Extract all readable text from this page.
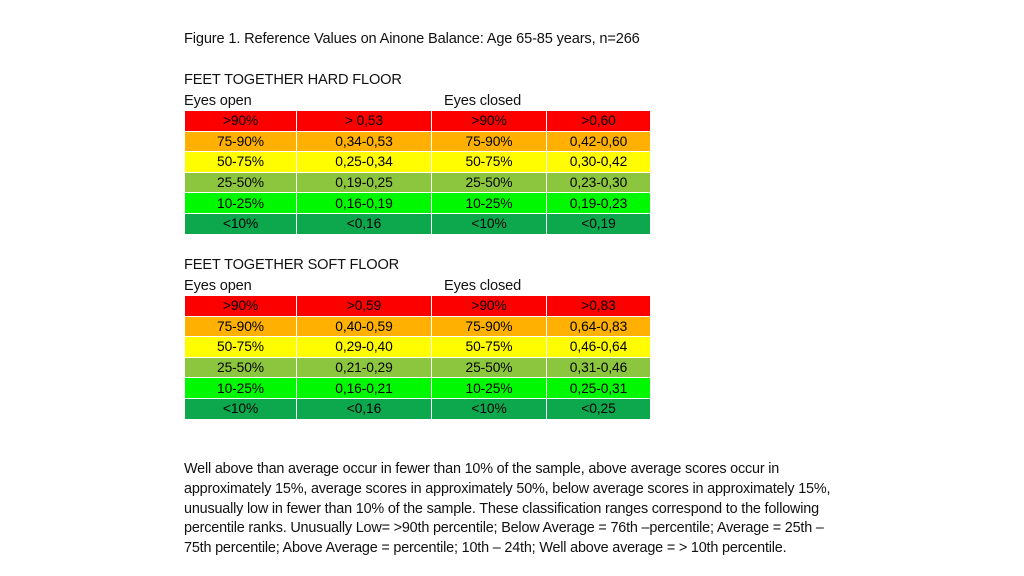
Figure 1. Reference Values on Ainone Balance: Age 65-85 years, n=266
FEET TOGETHER HARD FLOOR
Eyes open	Eyes closed
>90%	> 0,53	>90%	>0,60
75-90%	0,34-0,53	75-90%	0,42-0,60
50-75%	0,25-0,34	50-75%	0,30-0,42
25-50%	0,19-0,25	25-50%	0,23-0,30
10-25%	0,16-0,19	10-25%	0,19-0,23
<10%	<0,16	<10%	<0,19
FEET TOGETHER SOFT FLOOR
Eyes open	Eyes closed
>90%	>0,59	>90%	>0,83
75-90%	0,40-0,59	75-90%	0,64-0,83
50-75%	0,29-0,40	50-75%	0,46-0,64
25-50%	0,21-0,29	25-50%	0,31-0,46
10-25%	0,16-0,21	10-25%	0,25-0,31
<10%	<0,16	<10%	<0,25

Well above than average occur in fewer than 10% of the sample, above average scores occur in approximately 15%, average scores in approximately 50%, below average scores in approximately 15%, unusually low in fewer than 10% of the sample. These classification ranges correspond to the following percentile ranks. Unusually Low= >90th percentile; Below Average = 76th –percentile; Average = 25th – 75th percentile; Above Average = percentile; 10th – 24th; Well above average = > 10th percentile.
